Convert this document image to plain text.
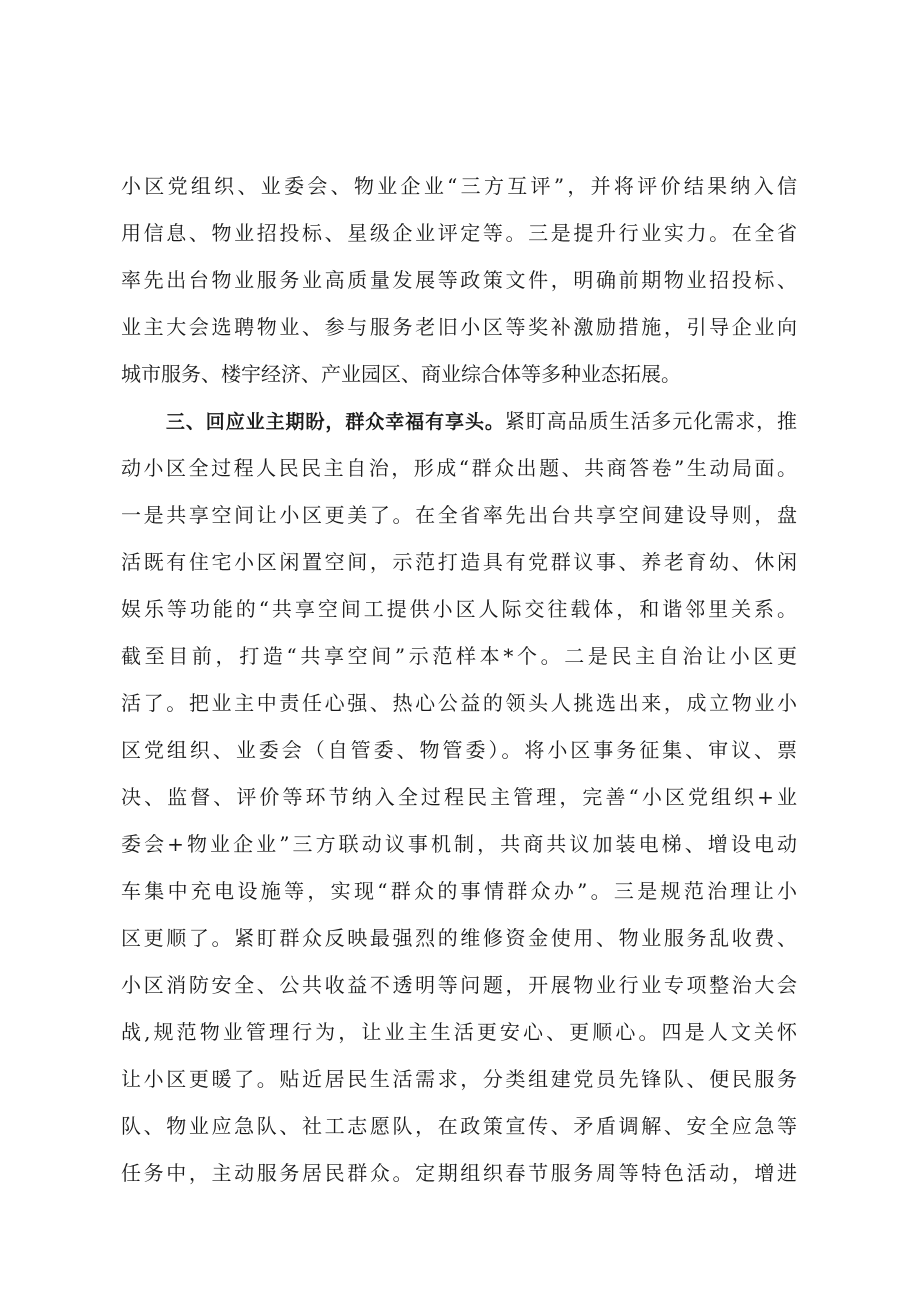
小区党组织、业委会、物业企业“三方互评”，并将评价结果纳入信
用信息、物业招投标、星级企业评定等。三是提升行业实力。在全省
率先出台物业服务业高质量发展等政策文件，明确前期物业招投标、
业主大会选聘物业、参与服务老旧小区等奖补激励措施，引导企业向
城市服务、楼宇经济、产业园区、商业综合体等多种业态拓展。
三、回应业主期盼，群众幸福有享头。紧盯高品质生活多元化需求，推
动小区全过程人民民主自治，形成“群众出题、共商答卷”生动局面。
一是共享空间让小区更美了。在全省率先出台共享空间建设导则，盘
活既有住宅小区闲置空间，示范打造具有党群议事、养老育幼、休闲
娱乐等功能的“共享空间工提供小区人际交往载体，和谐邻里关系。
截至目前，打造“共享空间”示范样本*个。二是民主自治让小区更
活了。把业主中责任心强、热心公益的领头人挑选出来，成立物业小
区党组织、业委会（自管委、物管委）。将小区事务征集、审议、票
决、监督、评价等环节纳入全过程民主管理，完善“小区党组织+业
委会+物业企业”三方联动议事机制，共商共议加装电梯、增设电动
车集中充电设施等，实现“群众的事情群众办”。三是规范治理让小
区更顺了。紧盯群众反映最强烈的维修资金使用、物业服务乱收费、
小区消防安全、公共收益不透明等问题，开展物业行业专项整治大会
战,规范物业管理行为，让业主生活更安心、更顺心。四是人文关怀
让小区更暖了。贴近居民生活需求，分类组建党员先锋队、便民服务
队、物业应急队、社工志愿队，在政策宣传、矛盾调解、安全应急等
任务中，主动服务居民群众。定期组织春节服务周等特色活动，增进
